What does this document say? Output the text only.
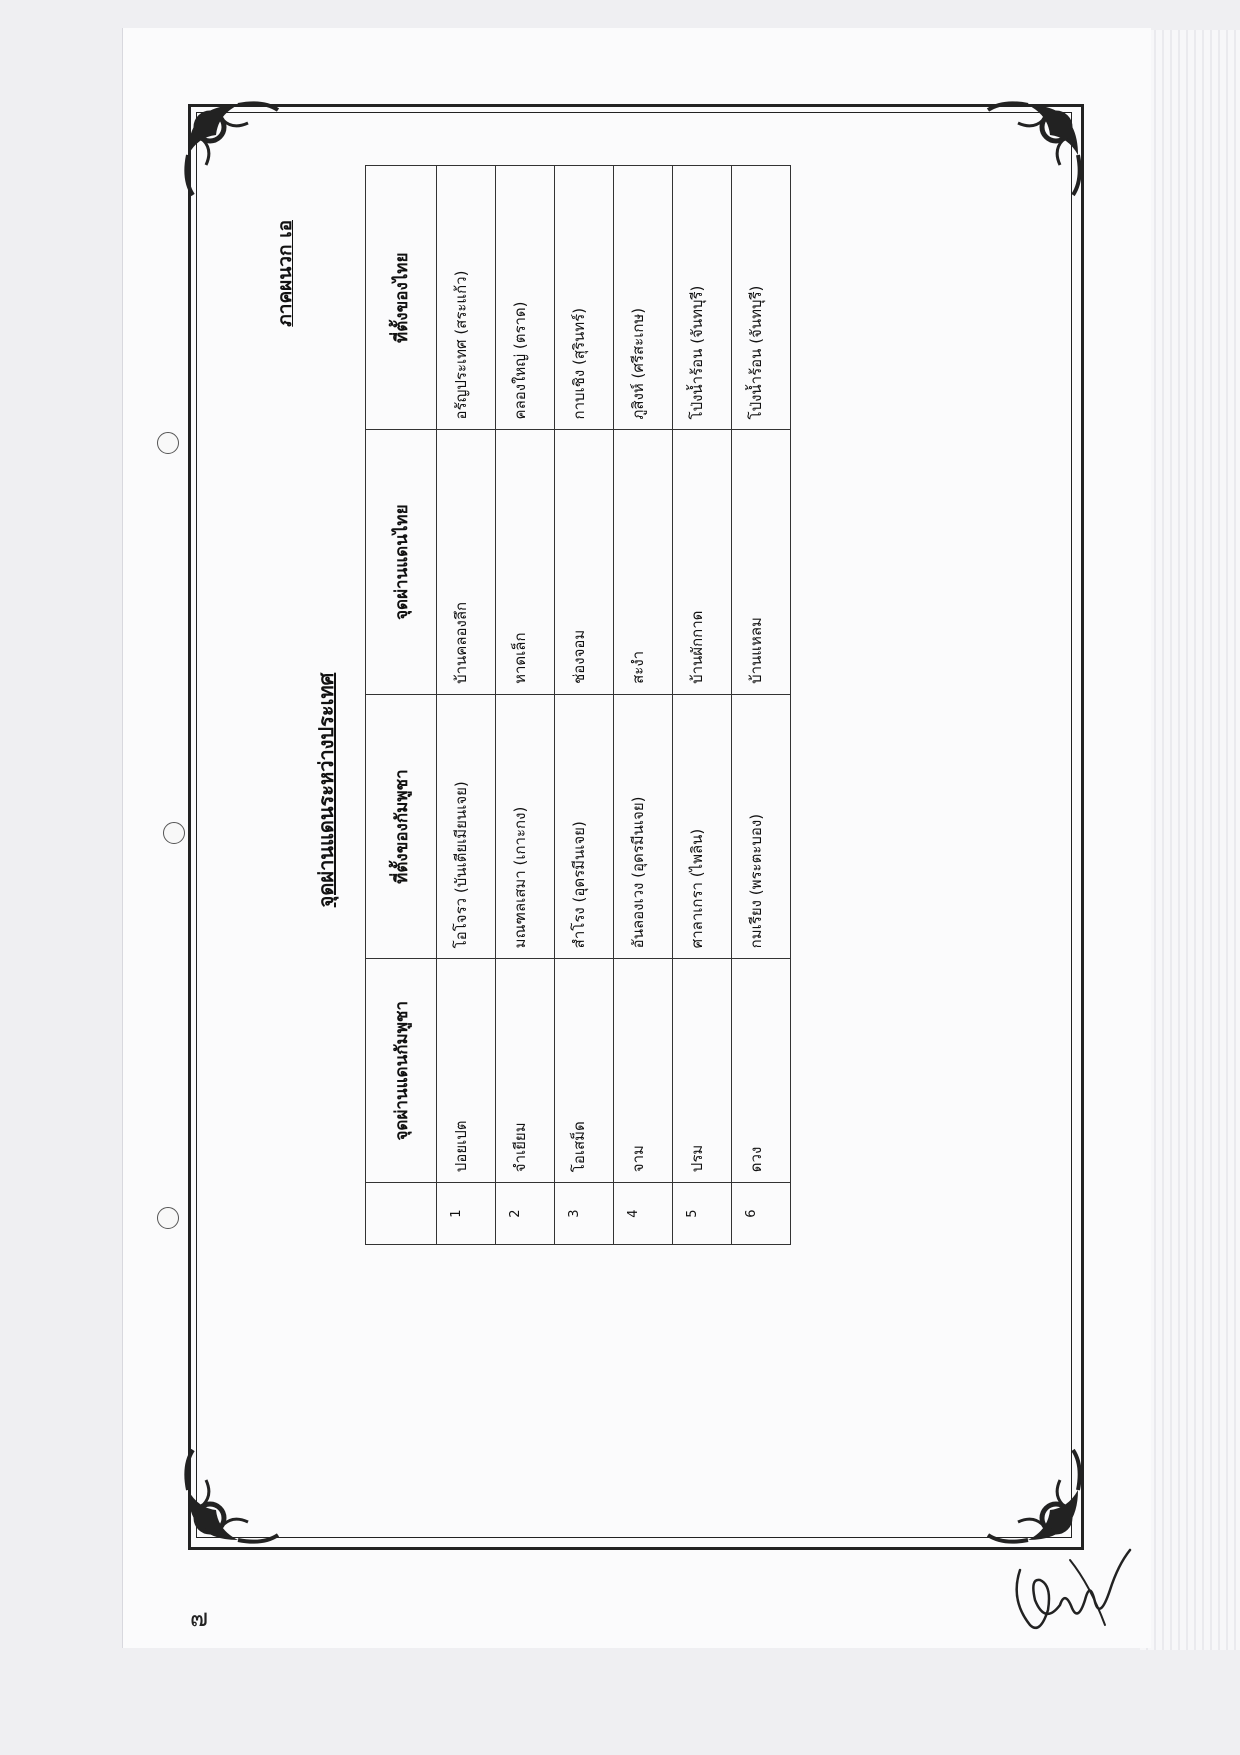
ภาคผนวก เอ
จุดผ่านแดนระหว่างประเทศ
	จุดผ่านแดนกัมพูชา	ที่ตั้งของกัมพูชา	จุดผ่านแดนไทย	ที่ตั้งของไทย
1	ปอยเปต	โอโจรว (บันเตียเมียนเจย)	บ้านคลองลึก	อรัญประเทศ (สระแก้ว)
2	จำเยียม	มณฑลเสมา (เกาะกง)	หาดเล็ก	คลองใหญ่ (ตราด)
3	โอเสม็ด	สำโรง (อุดรมีนเจย)	ช่องจอม	กาบเชิง (สุรินทร์)
4	จาม	อันลองเวง (อุดรมีนเจย)	สะงำ	ภูสิงห์ (ศรีสะเกษ)
5	ปรม	ศาลาเกรา (ไพลิน)	บ้านผักกาด	โป่งน้ำร้อน (จันทบุรี)
6	ดวง	กมเรียง (พระตะบอง)	บ้านแหลม	โป่งน้ำร้อน (จันทบุรี)
๗
